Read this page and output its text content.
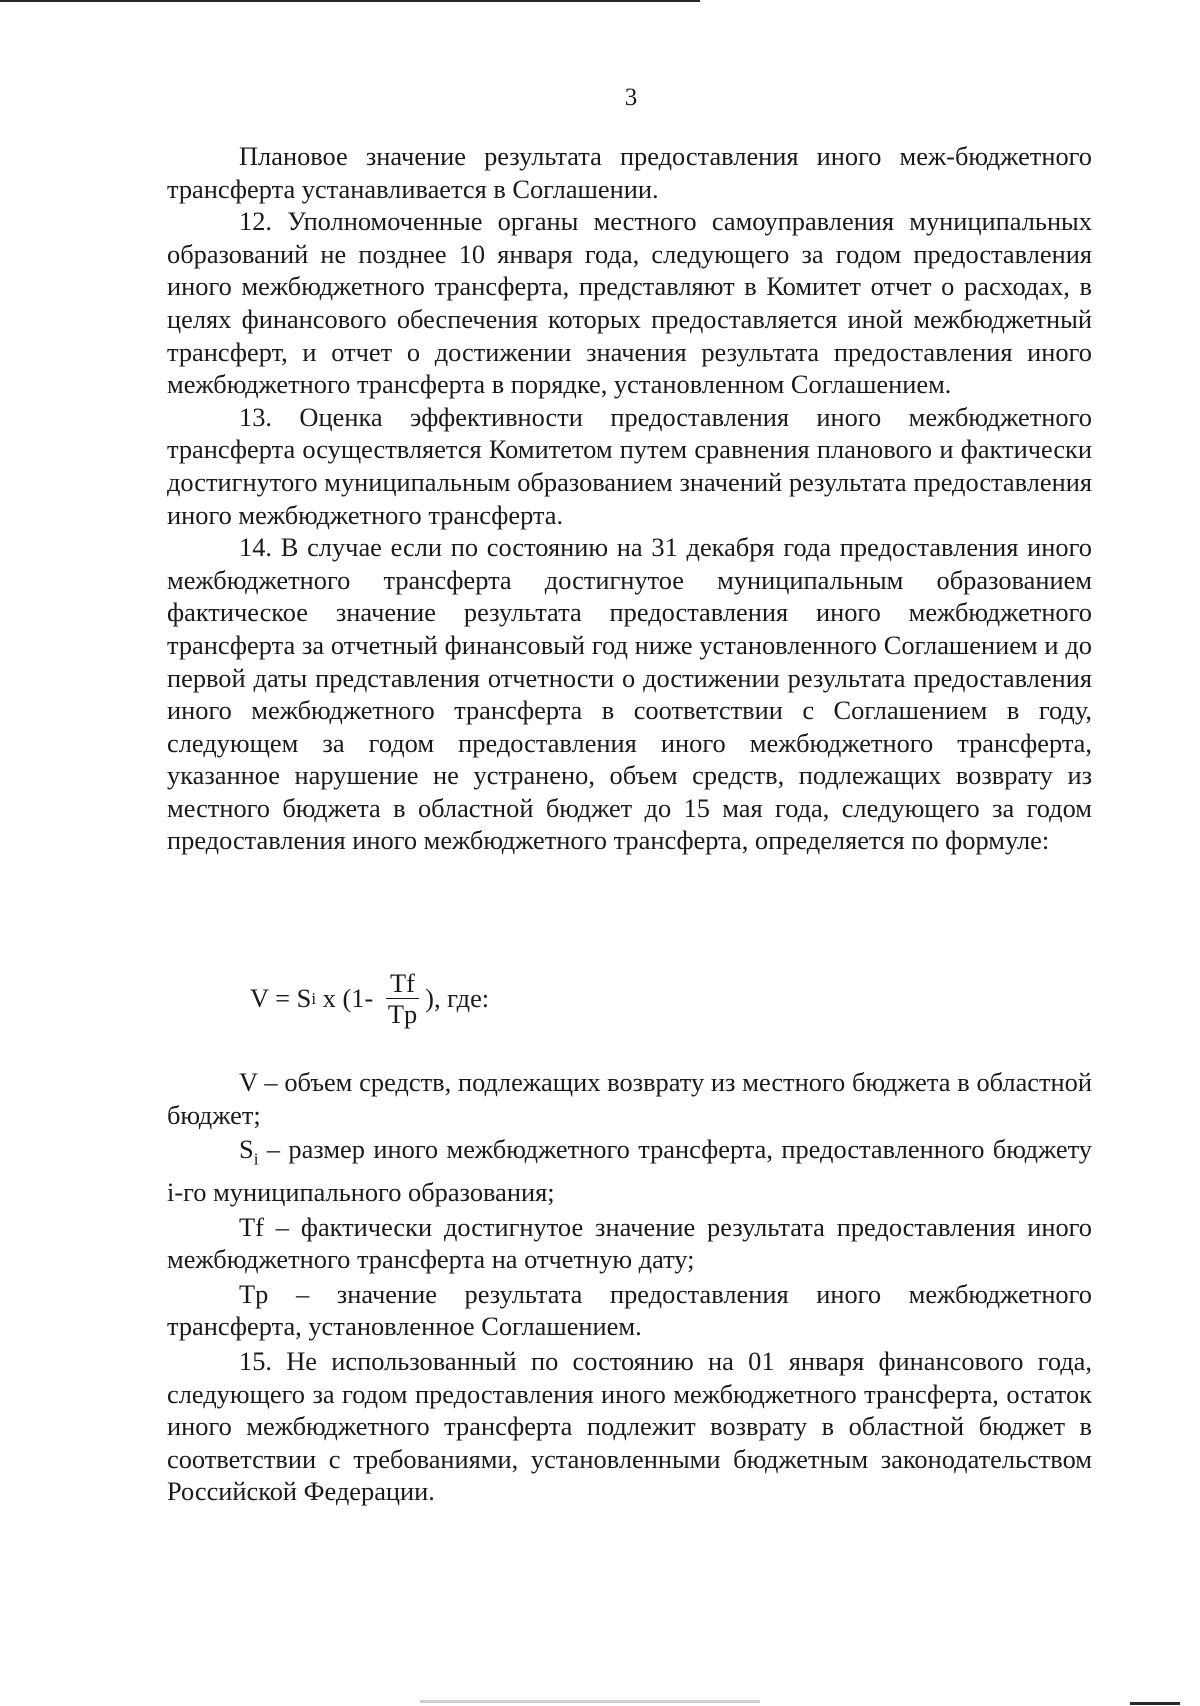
3

Плановое значение результата предоставления иного меж-бюджетного трансферта устанавливается в Соглашении.

12. Уполномоченные органы местного самоуправления муниципальных образований не позднее 10 января года, следующего за годом предоставления иного межбюджетного трансферта, представляют в Комитет отчет о расходах, в целях финансового обеспечения которых предоставляется иной межбюджетный трансферт, и отчет о достижении значения результата предоставления иного межбюджетного трансферта в порядке, установленном Соглашением.

13. Оценка эффективности предоставления иного межбюджетного трансферта осуществляется Комитетом путем сравнения планового и фактически достигнутого муниципальным образованием значений результата предоставления иного межбюджетного трансферта.

14. В случае если по состоянию на 31 декабря года предоставления иного межбюджетного трансферта достигнутое муниципальным образованием фактическое значение результата предоставления иного межбюджетного трансферта за отчетный финансовый год ниже установленного Соглашением и до первой даты представления отчетности о достижении результата предоставления иного межбюджетного трансферта в соответствии с Соглашением в году, следующем за годом предоставления иного межбюджетного трансферта, указанное нарушение не устранено, объем средств, подлежащих возврату из местного бюджета в областной бюджет до 15 мая года, следующего за годом предоставления иного межбюджетного трансферта, определяется по формуле:

V = S i x ($1- \frac{Tf}{Tp}$ ), где:

V – объем средств, подлежащих возврату из местного бюджета в областной бюджет;

$S_i$ – размер иного межбюджетного трансферта, предоставленного бюджету i-го муниципального образования;

Tf – фактически достигнутое значение результата предоставления иного межбюджетного трансферта на отчетную дату;

Tp – значение результата предоставления иного межбюджетного трансферта, установленное Соглашением.

15. Не использованный по состоянию на 01 января финансового года, следующего за годом предоставления иного межбюджетного трансферта, остаток иного межбюджетного трансферта подлежит возврату в областной бюджет в соответствии с требованиями, установленными бюджетным законодательством Российской Федерации.
